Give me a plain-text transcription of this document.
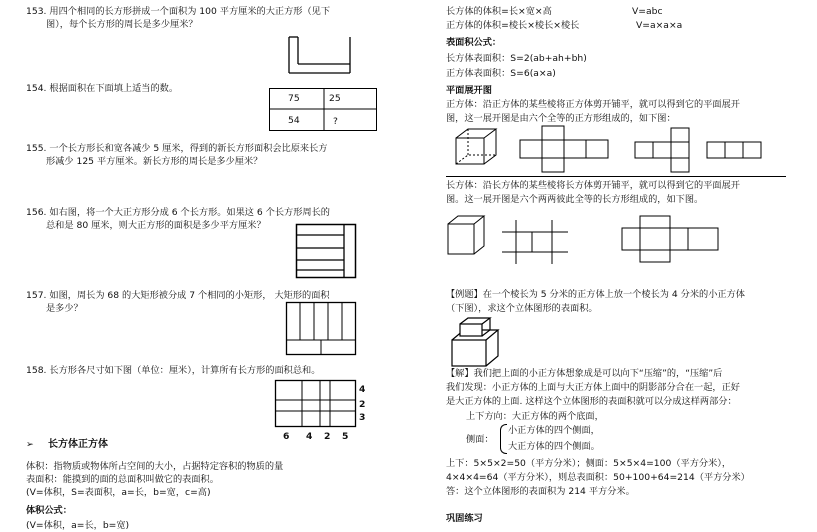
153. 用四个相同的长方形拼成一个面积为 100 平方厘米的大正方形（见下
图），每个长方形的周长是多少厘米？
154. 根据面积在下面填上适当的数。
75	25
54	?
155. 一个长方形长和宽各减少 5 厘米，得到的新长方形面积会比原来长方
形减少 125 平方厘米。新长方形的周长是多少厘米？
156. 如右图，将一个大正方形分成 6 个长方形。如果这 6 个长方形周长的
总和是 80 厘米，则大正方形的面积是多少平方厘米？
157. 如图，周长为 68 的大矩形被分成 7 个相同的小矩形， 大矩形的面积
是多少？
158. 长方形各尺寸如下图（单位：厘米），计算所有长方形的面积总和。
4
2
3
6 4 2 5
➢ 长方体正方体
体积：指物质或物体所占空间的大小，占据特定容积的物质的量
表面积：能摸到的面的总面积叫做它的表面积。
(V=体积，S=表面积，a=长，b=宽，c=高)
体积公式：
(V=体积，a=长，b=宽)
长方体的体积=长×宽×高	V=abc
正方体的体积=棱长×棱长×棱长	V=a×a×a
表面积公式：
长方体表面积：S=2(ab+ah+bh)
正方体表面积：S=6(a×a)
平面展开图
正方体：沿正方体的某些棱将正方体剪开铺平，就可以得到它的平面展开
图，这一展开图是由六个全等的正方形组成的，如下图：
长方体：沿长方体的某些棱将长方体剪开铺平，就可以得到它的平面展开
图。这一展开图是六个两两彼此全等的长方形组成的，如下图。
【例题】在一个棱长为 5 分米的正方体上放一个棱长为 4 分米的小正方体
（下图），求这个立体图形的表面积。
【解】我们把上面的小正方体想象成是可以向下“压缩”的，“压缩”后
我们发现：小正方体的上面与大正方体上面中的阴影部分合在一起，正好
是大正方体的上面. 这样这个立体图形的表面积就可以分成这样两部分：
上下方向：大正方体的两个底面，
侧面：
小正方体的四个侧面，
大正方体的四个侧面。
上下：5×5×2=50（平方分米）；侧面：5×5×4=100（平方分米），
4×4×4=64（平方分米），则总表面积：50+100+64=214（平方分米）
答：这个立体图形的表面积为 214 平方分米。
巩固练习
